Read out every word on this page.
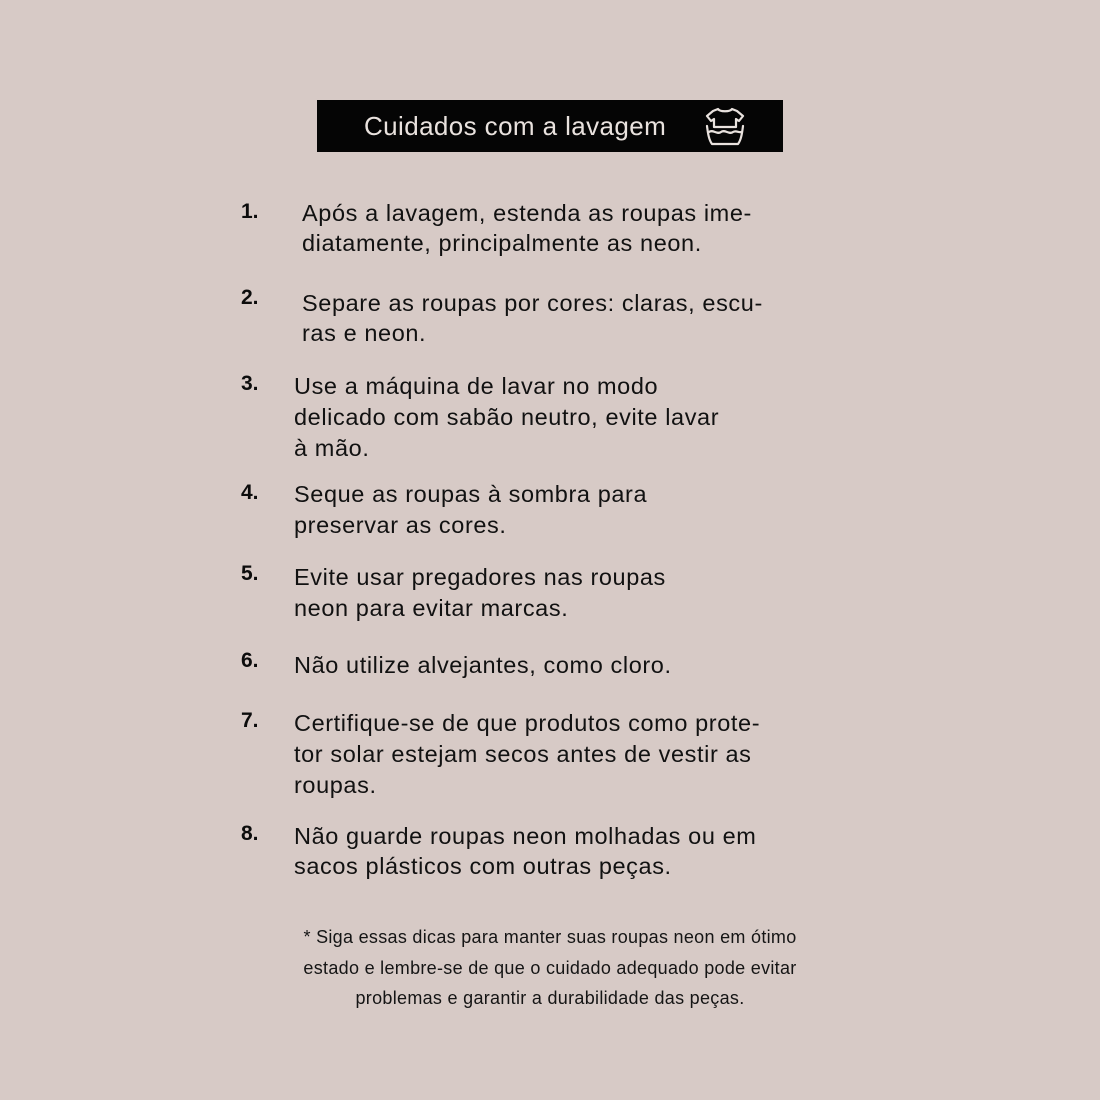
Cuidados com a lavagem
1. Após a lavagem, estenda as roupas ime-
diatamente, principalmente as neon.
2. Separe as roupas por cores: claras, escu-
ras e neon.
3. Use a máquina de lavar no modo
delicado com sabão neutro, evite lavar
à mão.
4. Seque as roupas à sombra para
preservar as cores.
5. Evite usar pregadores nas roupas
neon para evitar marcas.
6. Não utilize alvejantes, como cloro.
7. Certifique-se de que produtos como prote-
tor solar estejam secos antes de vestir as
roupas.
8. Não guarde roupas neon molhadas ou em
sacos plásticos com outras peças.
* Siga essas dicas para manter suas roupas neon em ótimo
estado e lembre-se de que o cuidado adequado pode evitar
problemas e garantir a durabilidade das peças.
